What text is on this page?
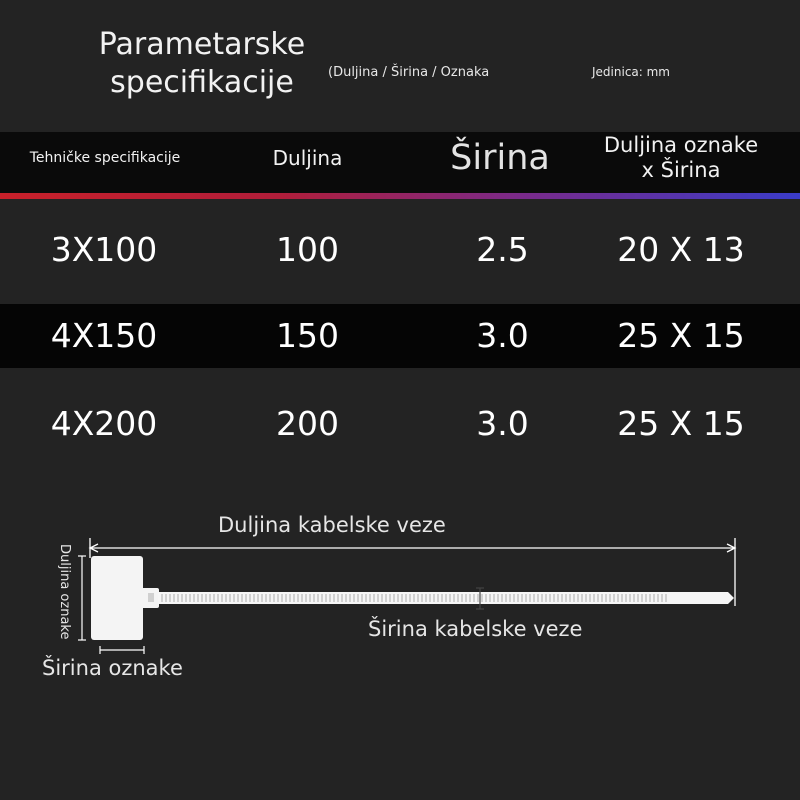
Parametarske
specifikacije	(Duljina / Širina / Oznaka	Jedinica: mm
Tehničke specifikacije	Duljina	Širina	Duljina oznake
x Širina
3X100	100	2.5	20 X 13
4X150	150	3.0	25 X 15
4X200	200	3.0	25 X 15
Duljina kabelske veze
Širina kabelske veze
Širina oznake
Duljina oznake
